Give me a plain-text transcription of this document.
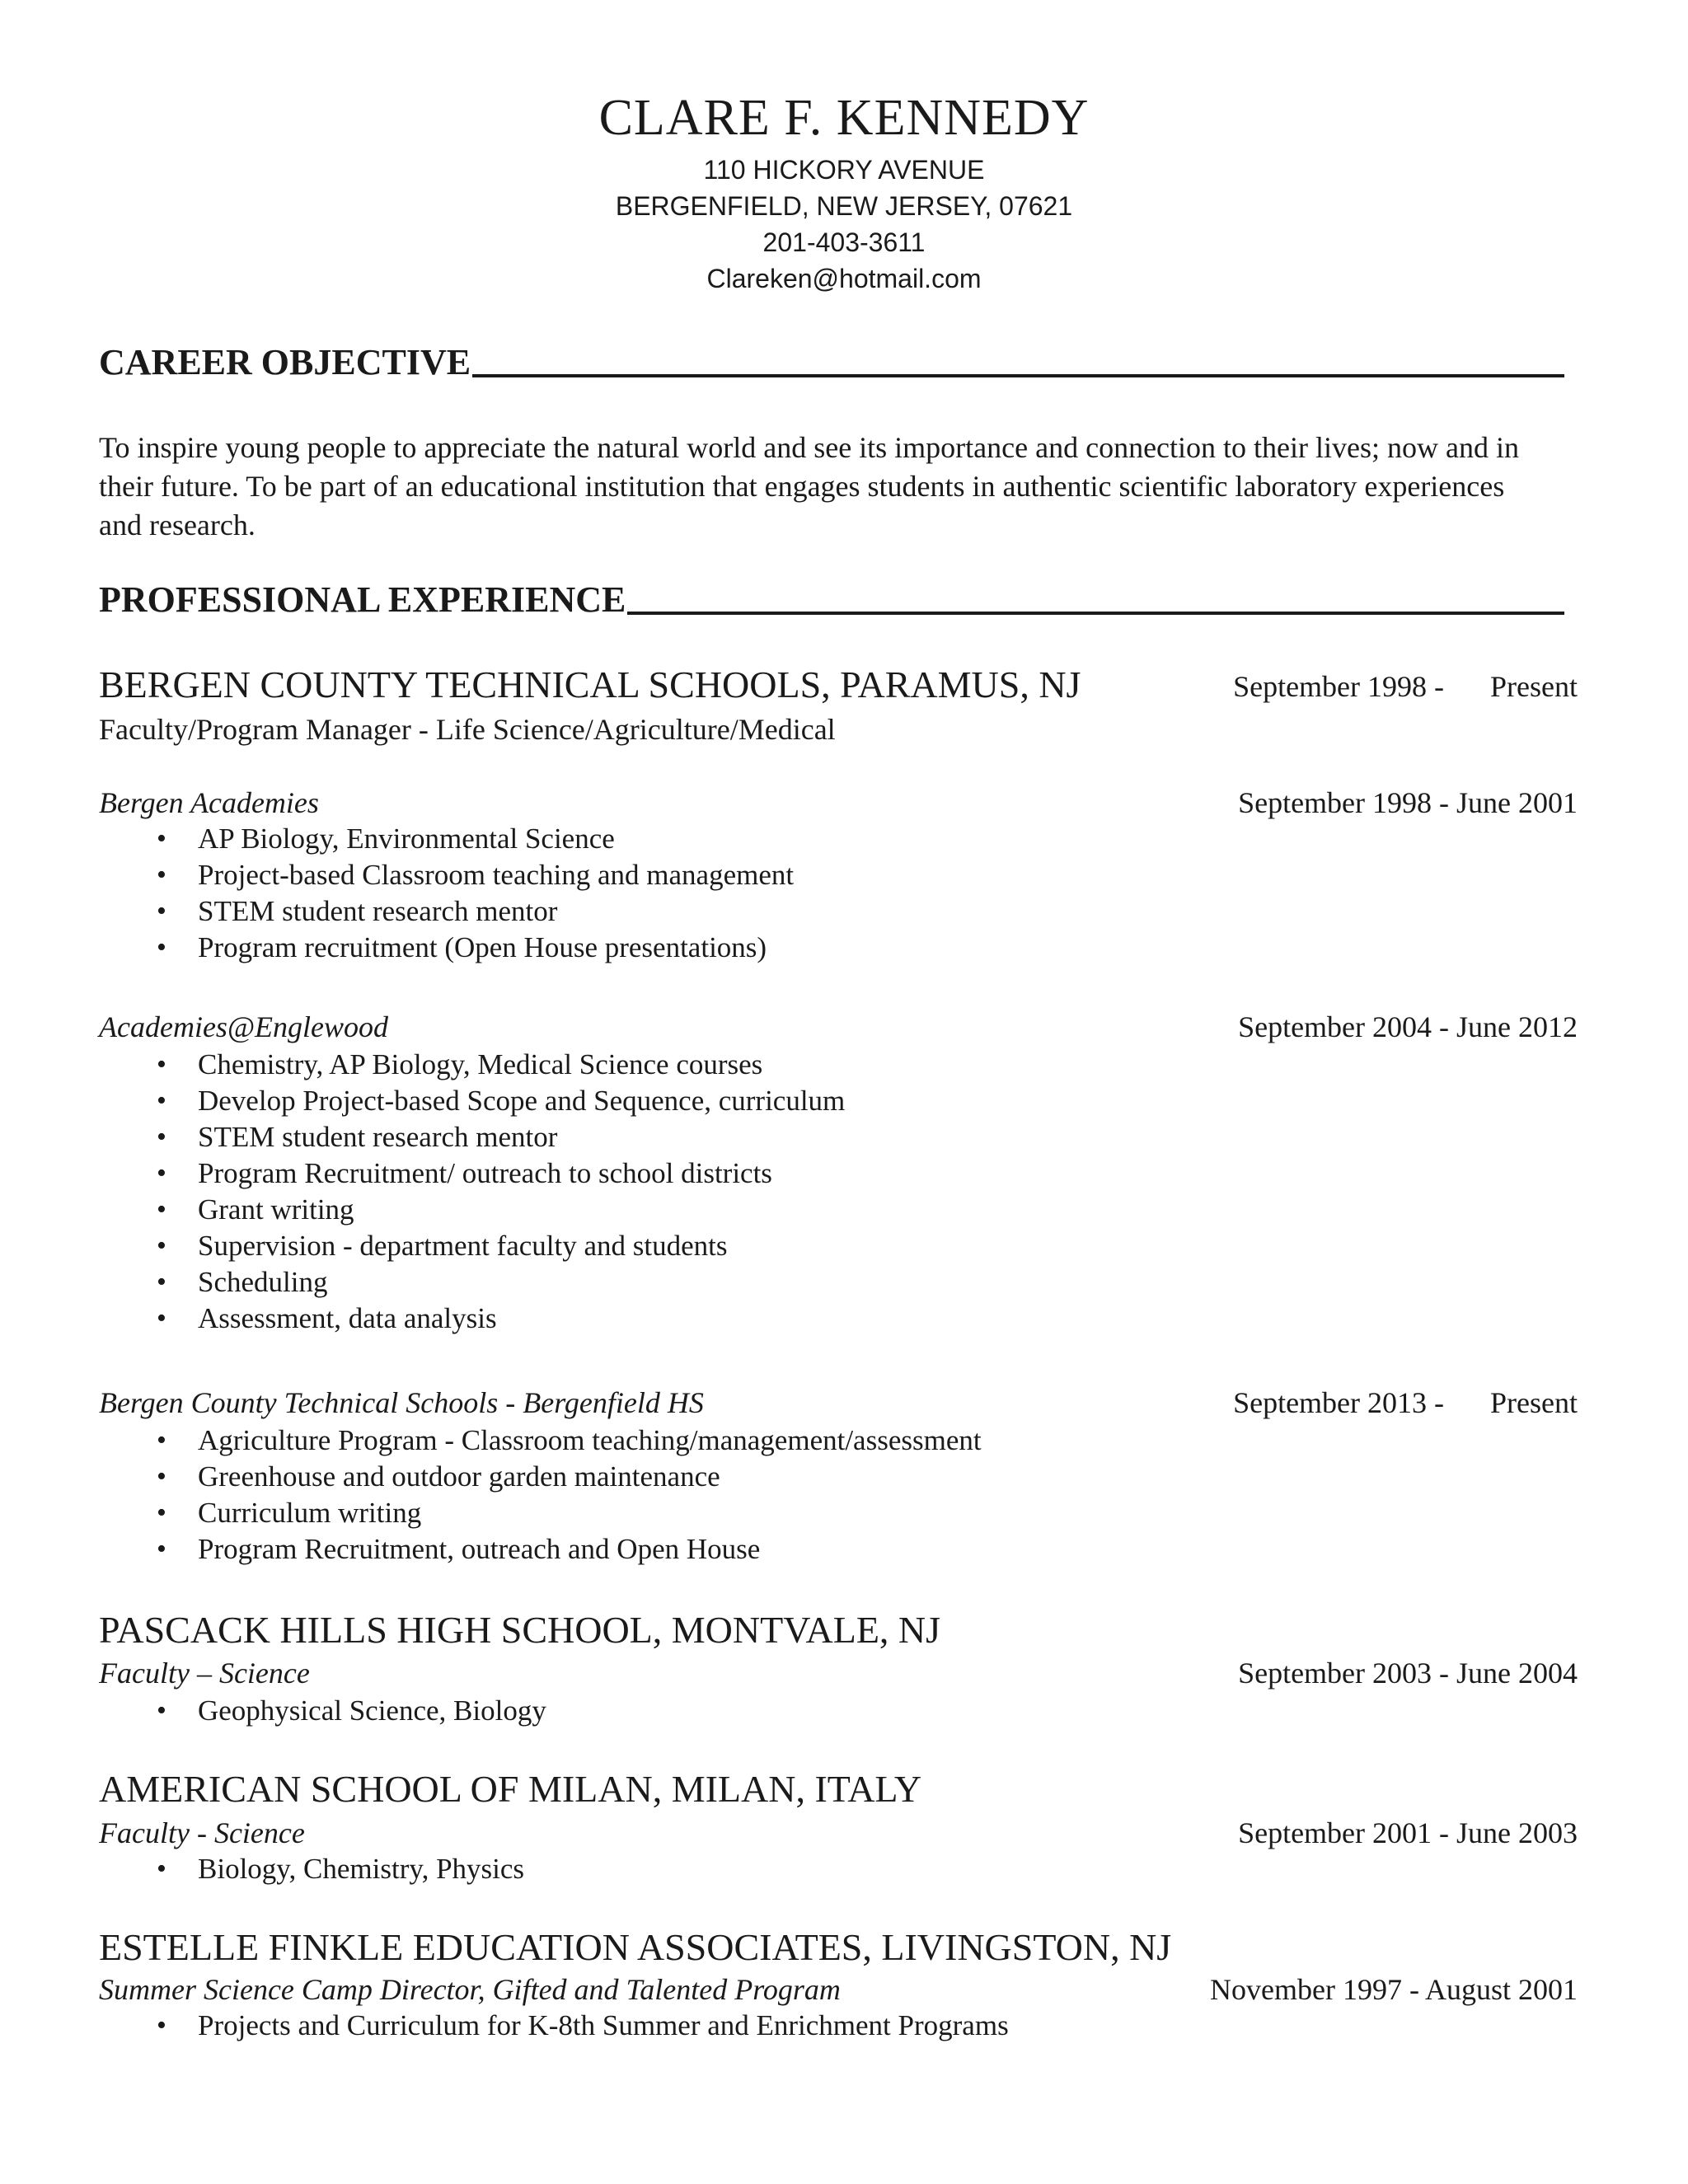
CLARE F. KENNEDY
110 HICKORY AVENUE
BERGENFIELD, NEW JERSEY, 07621
201-403-3611
Clareken@hotmail.com
CAREER OBJECTIVE
To inspire young people to appreciate the natural world and see its importance and connection to their lives; now and in their future. To be part of an educational institution that engages students in authentic scientific laboratory experiences and research.
PROFESSIONAL EXPERIENCE
BERGEN COUNTY TECHNICAL SCHOOLS, PARAMUS, NJ	September 1998 - Present
Faculty/Program Manager - Life Science/Agriculture/Medical
Bergen Academies	September 1998 - June 2001
• AP Biology, Environmental Science
• Project-based Classroom teaching and management
• STEM student research mentor
• Program recruitment (Open House presentations)
Academies@Englewood	September 2004 - June 2012
• Chemistry, AP Biology, Medical Science courses
• Develop Project-based Scope and Sequence, curriculum
• STEM student research mentor
• Program Recruitment/ outreach to school districts
• Grant writing
• Supervision - department faculty and students
• Scheduling
• Assessment, data analysis
Bergen County Technical Schools - Bergenfield HS	September 2013 - Present
• Agriculture Program - Classroom teaching/management/assessment
• Greenhouse and outdoor garden maintenance
• Curriculum writing
• Program Recruitment, outreach and Open House
PASCACK HILLS HIGH SCHOOL, MONTVALE, NJ
Faculty – Science	September 2003 - June 2004
• Geophysical Science, Biology
AMERICAN SCHOOL OF MILAN, MILAN, ITALY
Faculty - Science	September 2001 - June 2003
• Biology, Chemistry, Physics
ESTELLE FINKLE EDUCATION ASSOCIATES, LIVINGSTON, NJ
Summer Science Camp Director, Gifted and Talented Program	November 1997 - August 2001
• Projects and Curriculum for K-8th Summer and Enrichment Programs
